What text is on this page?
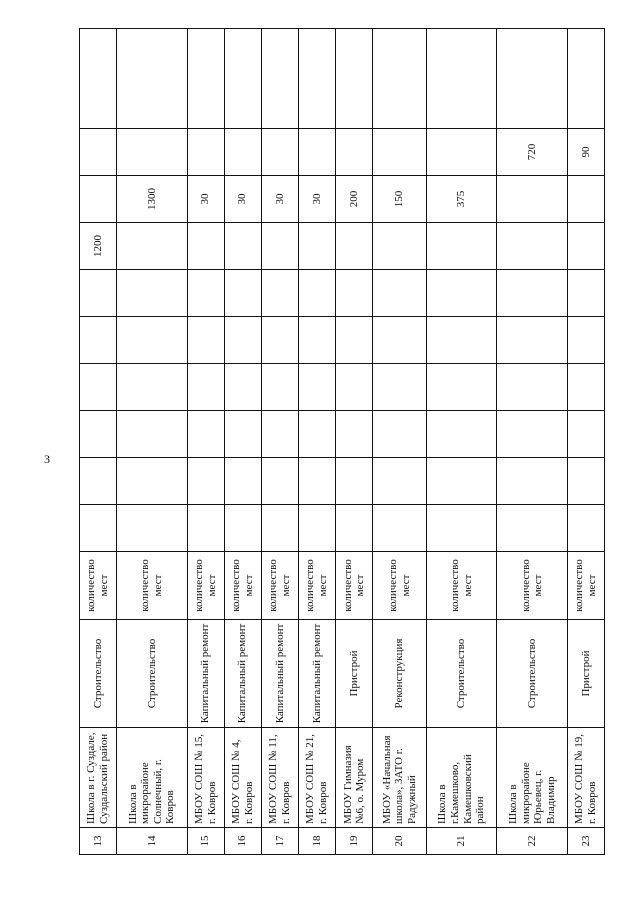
3
13	Школа в г. Суздале, Суздальский район	Строительство	количество мест							1200			
14	Школа в микрорайоне Солнечный, г. Ковров	Строительство	количество мест								1300		
15	МБОУ СОШ № 15, г. Ковров	Капитальный ремонт	количество мест								30		
16	МБОУ СОШ № 4, г. Ковров	Капитальный ремонт	количество мест								30		
17	МБОУ СОШ № 11, г. Ковров	Капитальный ремонт	количество мест								30		
18	МБОУ СОШ № 21, г. Ковров	Капитальный ремонт	количество мест								30		
19	МБОУ Гимназия №6, о. Муром	Пристрой	количество мест								200		
20	МБОУ «Начальная школа», ЗАТО г. Радужный	Реконструкция	количество мест								150		
21	Школа в г.Камешково, Камешковский район	Строительство	количество мест								375		
22	Школа в микрорайоне Юрьевец, г. Владимир	Строительство	количество мест									720	
23	МБОУ СОШ № 19, г. Ковров	Пристрой	количество мест									90	
